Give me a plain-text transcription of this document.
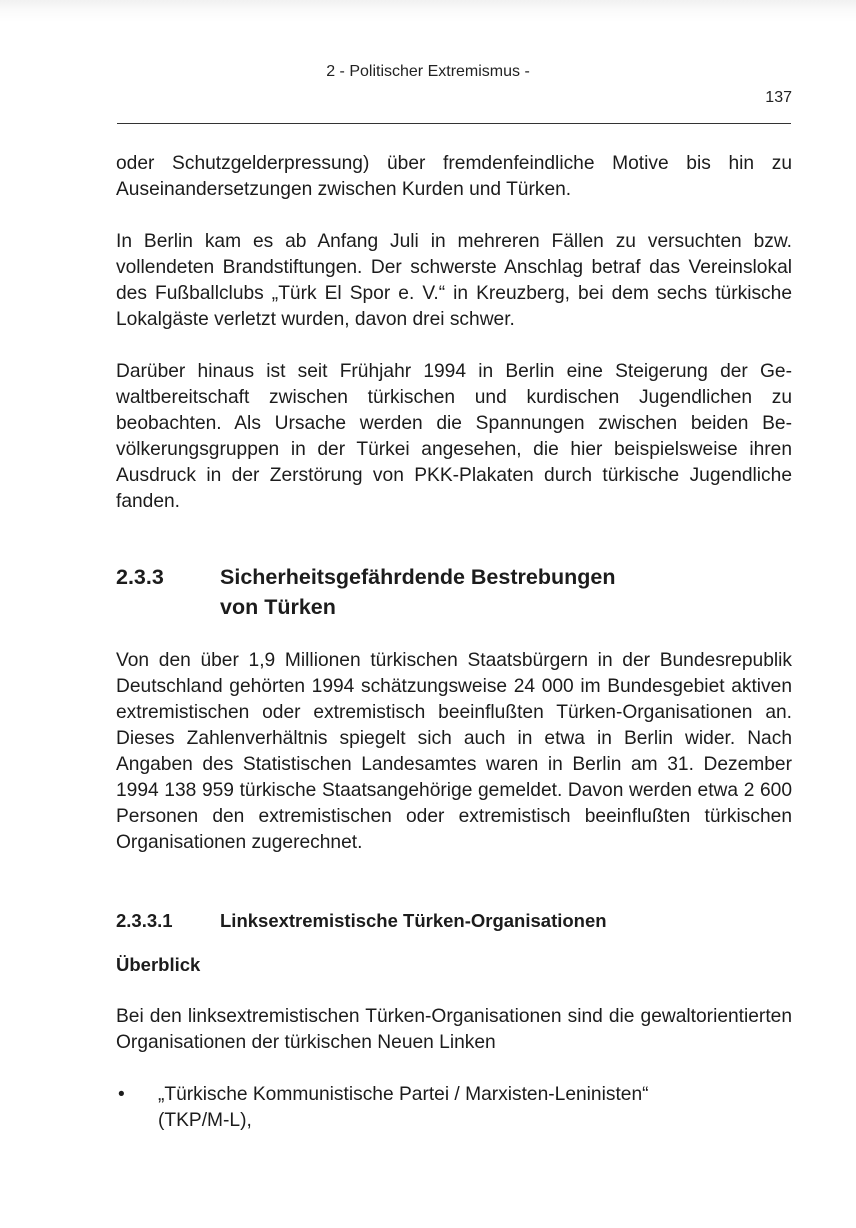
2 - Politischer Extremismus -
137

oder Schutzgelderpressung) über fremdenfeindliche Motive bis hin zu Auseinandersetzungen zwischen Kurden und Türken.

In Berlin kam es ab Anfang Juli in mehreren Fällen zu versuchten bzw. vollendeten Brandstiftungen. Der schwerste Anschlag betraf das Vereinslokal des Fußballclubs „Türk El Spor e. V.“ in Kreuzberg, bei dem sechs türkische Lokalgäste verletzt wurden, davon drei schwer.

Darüber hinaus ist seit Frühjahr 1994 in Berlin eine Steigerung der Gewaltbereitschaft zwischen türkischen und kurdischen Jugendlichen zu beobachten. Als Ursache werden die Spannungen zwischen beiden Bevölkerungsgruppen in der Türkei angesehen, die hier beispielsweise ihren Ausdruck in der Zerstörung von PKK-Plakaten durch türkische Jugendliche fanden.

2.3.3	Sicherheitsgefährdende Bestrebungen
von Türken

Von den über 1,9 Millionen türkischen Staatsbürgern in der Bundesrepublik Deutschland gehörten 1994 schätzungsweise 24 000 im Bundesgebiet aktiven extremistischen oder extremistisch beeinflußten Türken-Organisationen an. Dieses Zahlenverhältnis spiegelt sich auch in etwa in Berlin wider. Nach Angaben des Statistischen Landesamtes waren in Berlin am 31. Dezember 1994 138 959 türkische Staatsangehörige gemeldet. Davon werden etwa 2 600 Personen den extremistischen oder extremistisch beeinflußten türkischen Organisationen zugerechnet.

2.3.3.1	Linksextremistische Türken-Organisationen
Überblick

Bei den linksextremistischen Türken-Organisationen sind die gewaltorientierten Organisationen der türkischen Neuen Linken

•	„Türkische Kommunistische Partei / Marxisten-Leninisten“
(TKP/M-L),
